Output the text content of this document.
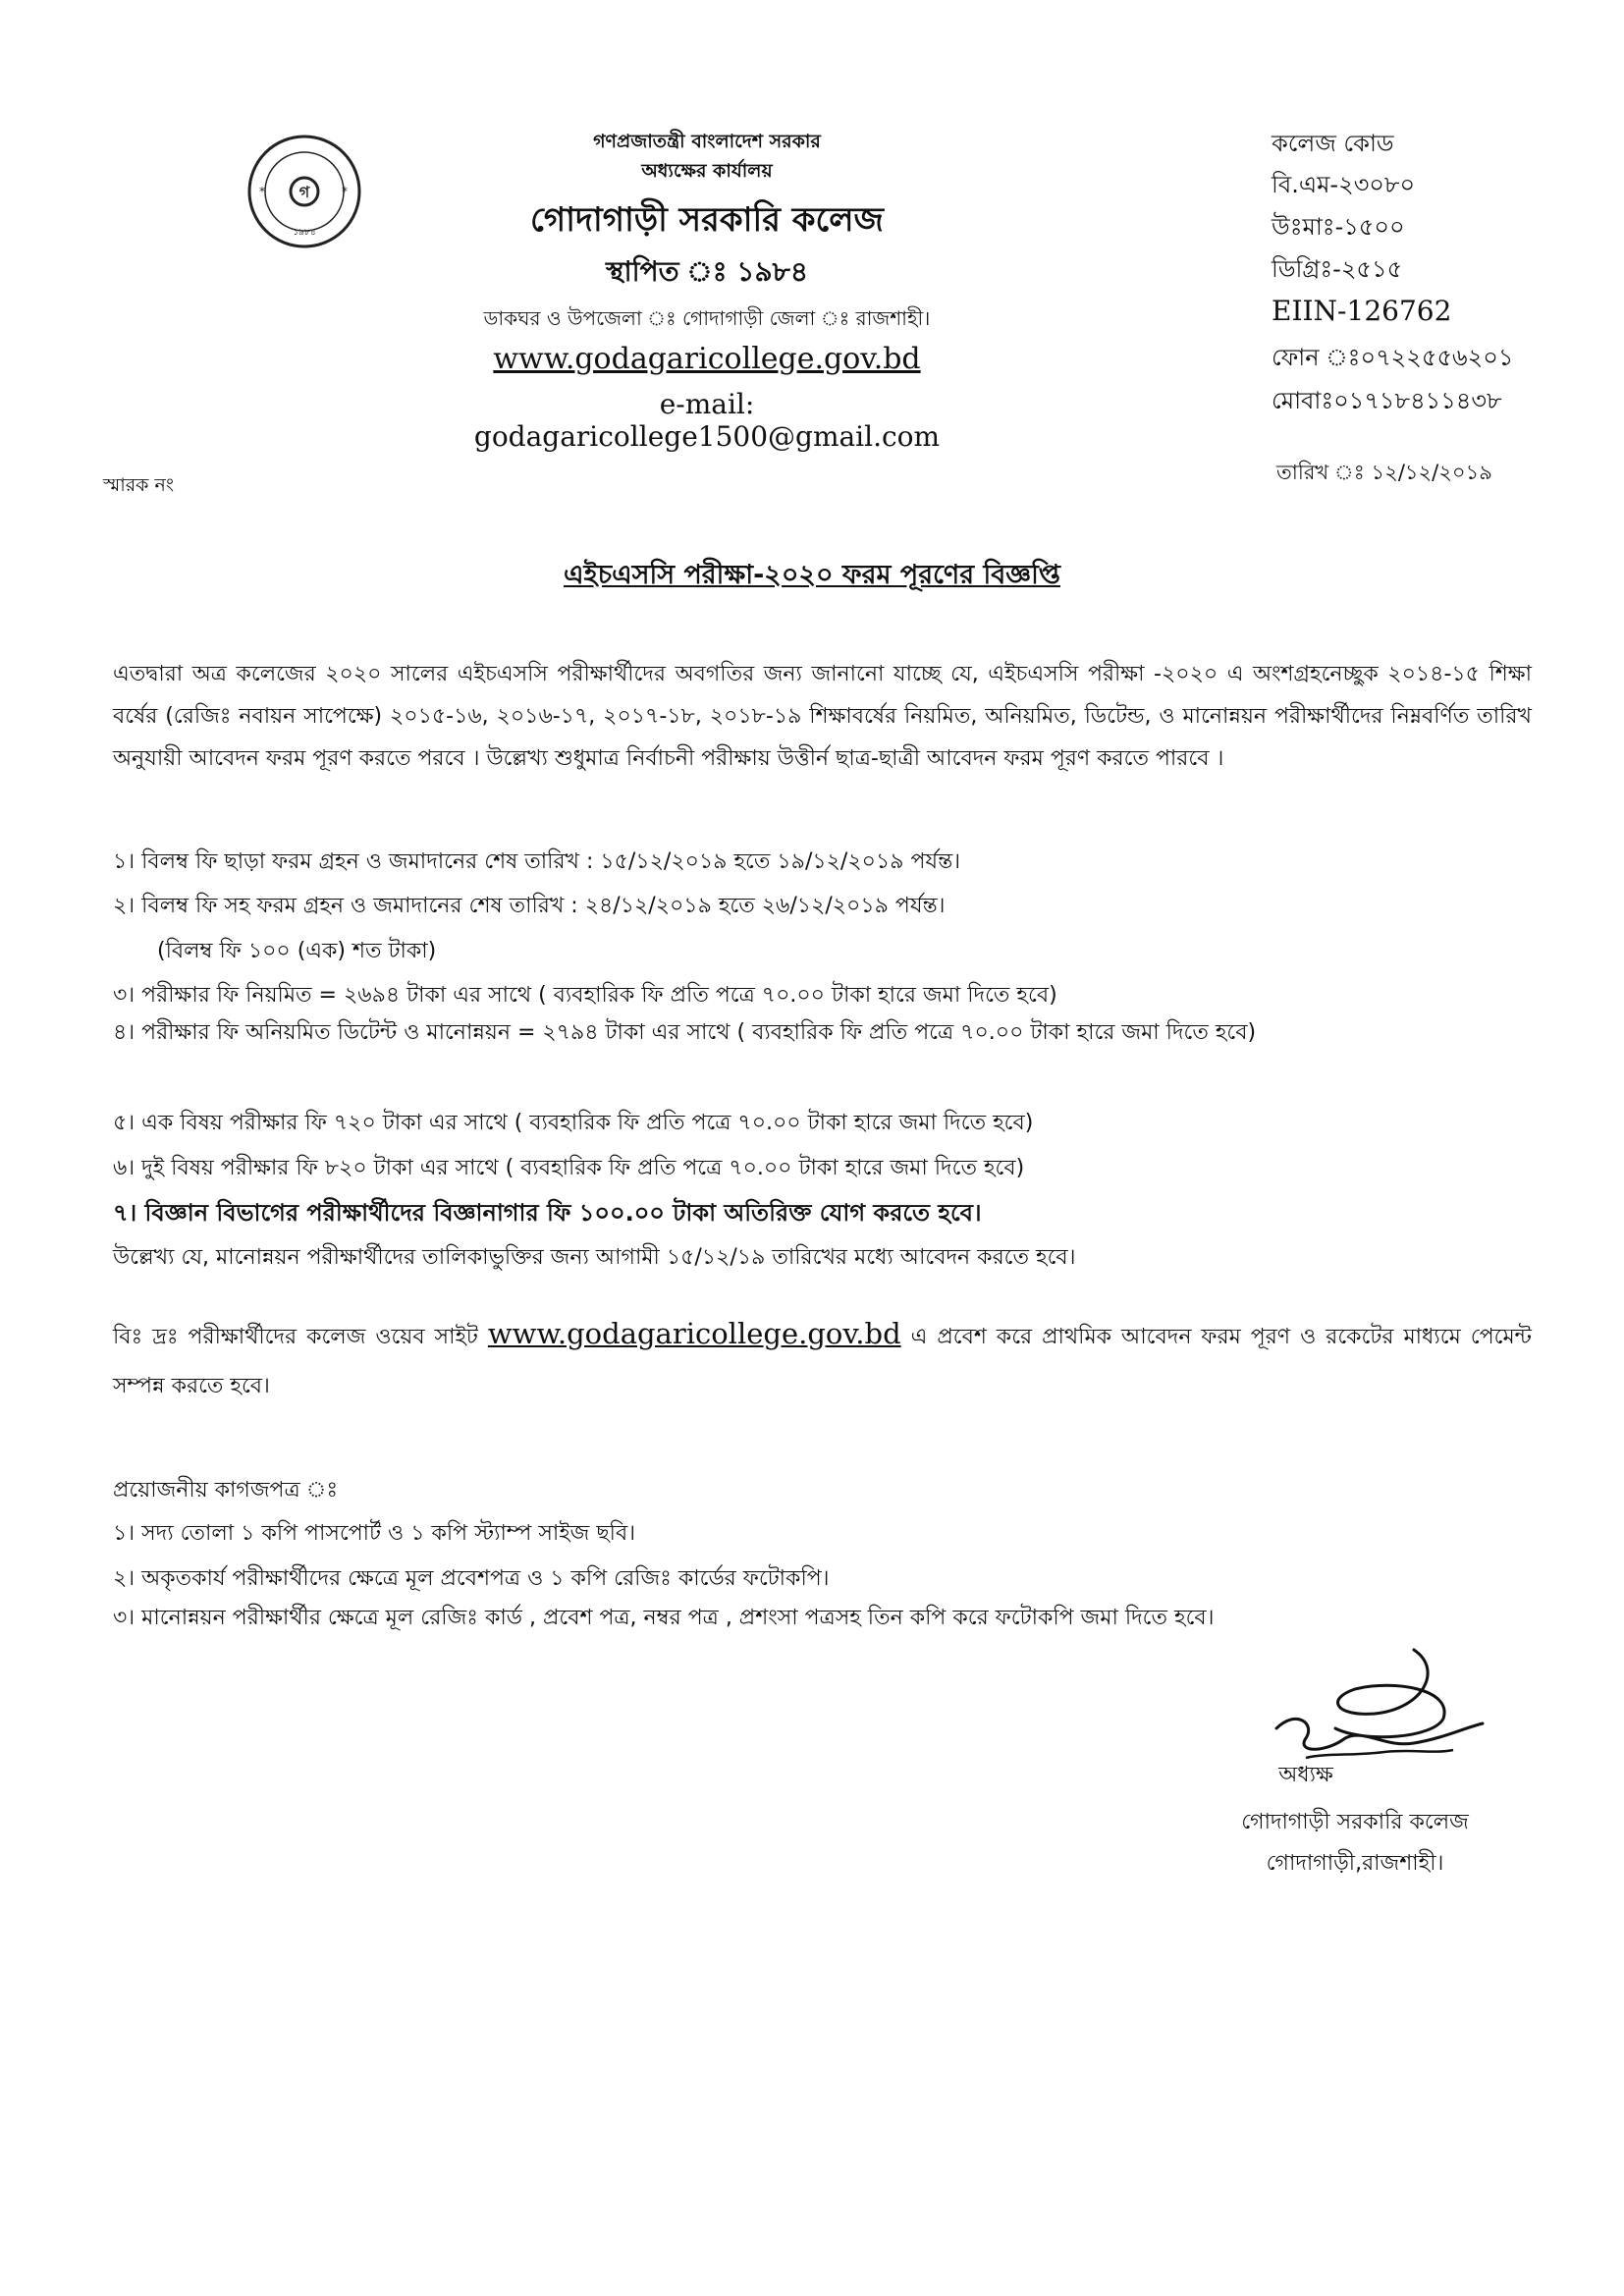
গ
*	*
১৯৮৪
গণপ্রজাতন্ত্রী বাংলাদেশ সরকার
অধ্যক্ষের কার্যালয়
গোদাগাড়ী সরকারি কলেজ
স্থাপিত ঃ ১৯৮৪
ডাকঘর ও উপজেলা ঃ গোদাগাড়ী জেলা ঃ রাজশাহী।
www.godagaricollege.gov.bd
e-mail: godagaricollege1500@gmail.com
কলেজ কোড
বি.এম-২৩০৮০
উঃমাঃ-১৫০০
ডিগ্রিঃ-২৫১৫
EIIN-126762
ফোন ঃ০৭২২৫৫৬২০১
মোবাঃ০১৭১৮৪১১৪৩৮
তারিখ ঃ ১২/১২/২০১৯
স্মারক নং
এইচএসসি পরীক্ষা-২০২০ ফরম পূরণের বিজ্ঞপ্তি
এতদ্বারা অত্র কলেজের ২০২০ সালের এইচএসসি পরীক্ষার্থীদের অবগতির জন্য জানানো যাচ্ছে যে, এইচএসসি পরীক্ষা -২০২০ এ অংশগ্রহনেচ্ছুক ২০১৪-১৫ শিক্ষা বর্ষের (রেজিঃ নবায়ন সাপেক্ষে) ২০১৫-১৬, ২০১৬-১৭, ২০১৭-১৮, ২০১৮-১৯ শিক্ষাবর্ষের নিয়মিত, অনিয়মিত, ডিটেন্ড, ও মানোন্নয়ন পরীক্ষার্থীদের নিম্নবর্ণিত তারিখ অনুযায়ী আবেদন ফরম পূরণ করতে পরবে । উল্লেখ্য শুধুমাত্র নির্বাচনী পরীক্ষায় উত্তীর্ন ছাত্র-ছাত্রী আবেদন ফরম পূরণ করতে পারবে ।
১। বিলম্ব ফি ছাড়া ফরম গ্রহন ও জমাদানের শেষ তারিখ : ১৫/১২/২০১৯ হতে ১৯/১২/২০১৯ পর্যন্ত।
২। বিলম্ব ফি সহ ফরম গ্রহন ও জমাদানের শেষ তারিখ : ২৪/১২/২০১৯ হতে ২৬/১২/২০১৯ পর্যন্ত।
(বিলম্ব ফি ১০০ (এক) শত টাকা)
৩। পরীক্ষার ফি নিয়মিত = ২৬৯৪ টাকা এর সাথে ( ব্যবহারিক ফি প্রতি পত্রে ৭০.০০ টাকা হারে জমা দিতে হবে)
৪। পরীক্ষার ফি অনিয়মিত ডিটেন্ট ও মানোন্নয়ন = ২৭৯৪ টাকা এর সাথে ( ব্যবহারিক ফি প্রতি পত্রে ৭০.০০ টাকা হারে জমা দিতে হবে)
৫। এক বিষয় পরীক্ষার ফি ৭২০ টাকা এর সাথে ( ব্যবহারিক ফি প্রতি পত্রে ৭০.০০ টাকা হারে জমা দিতে হবে)
৬। দুই বিষয় পরীক্ষার ফি ৮২০ টাকা এর সাথে ( ব্যবহারিক ফি প্রতি পত্রে ৭০.০০ টাকা হারে জমা দিতে হবে)
৭। বিজ্ঞান বিভাগের পরীক্ষার্থীদের বিজ্ঞানাগার ফি ১০০.০০ টাকা অতিরিক্ত যোগ করতে হবে।
উল্লেখ্য যে, মানোন্নয়ন পরীক্ষার্থীদের তালিকাভুক্তির জন্য আগামী ১৫/১২/১৯ তারিখের মধ্যে আবেদন করতে হবে।
বিঃ দ্রঃ পরীক্ষার্থীদের কলেজ ওয়েব সাইট www.godagaricollege.gov.bd এ প্রবেশ করে প্রাথমিক আবেদন ফরম পূরণ ও রকেটের মাধ্যমে পেমেন্ট সম্পন্ন করতে হবে।
প্রয়োজনীয় কাগজপত্র ঃ
১। সদ্য তোলা ১ কপি পাসপোর্ট ও ১ কপি স্ট্যাম্প সাইজ ছবি।
২। অকৃতকার্য পরীক্ষার্থীদের ক্ষেত্রে মূল প্রবেশপত্র ও ১ কপি রেজিঃ কার্ডের ফটোকপি।
৩। মানোন্নয়ন পরীক্ষার্থীর ক্ষেত্রে মূল রেজিঃ কার্ড , প্রবেশ পত্র, নম্বর পত্র , প্রশংসা পত্রসহ তিন কপি করে ফটোকপি জমা দিতে হবে।
অধ্যক্ষ
গোদাগাড়ী সরকারি কলেজ
গোদাগাড়ী,রাজশাহী।
